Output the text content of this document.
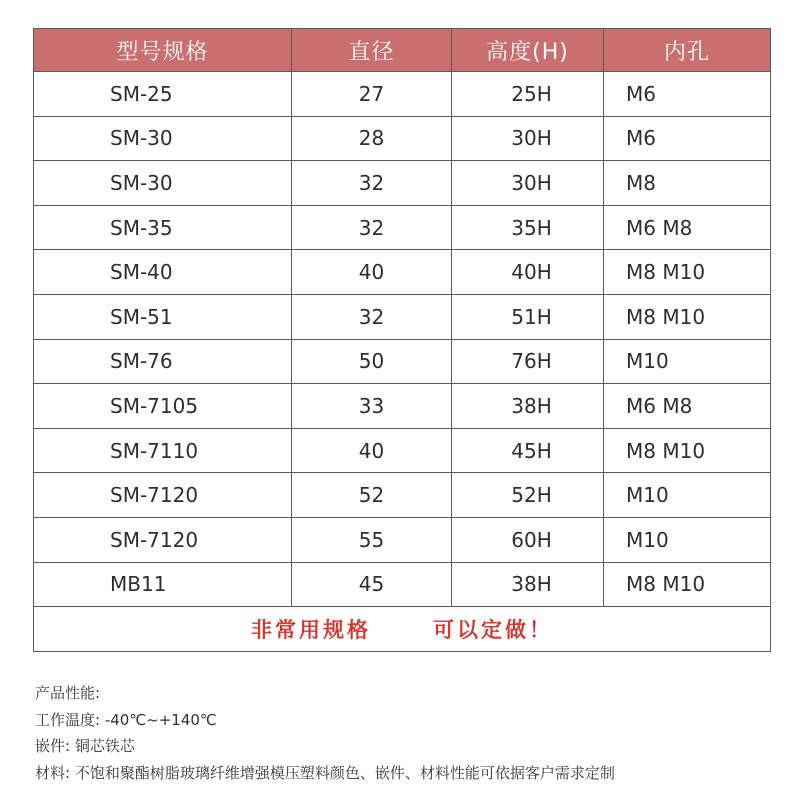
型号规格	直径	高度(H)	内孔
SM-25	27	25H	M6
SM-30	28	30H	M6
SM-30	32	30H	M8
SM-35	32	35H	M6 M8
SM-40	40	40H	M8 M10
SM-51	32	51H	M8 M10
SM-76	50	76H	M10
SM-7105	33	38H	M6 M8
SM-7110	40	45H	M8 M10
SM-7120	52	52H	M10
SM-7120	55	60H	M10
MB11	45	38H	M8 M10
非常用规格 可以定做！			
产品性能:
工作温度: -40℃~+140℃
嵌件: 铜芯铁芯
材料: 不饱和聚酯树脂玻璃纤维增强模压塑料颜色、嵌件、材料性能可依据客户需求定制
